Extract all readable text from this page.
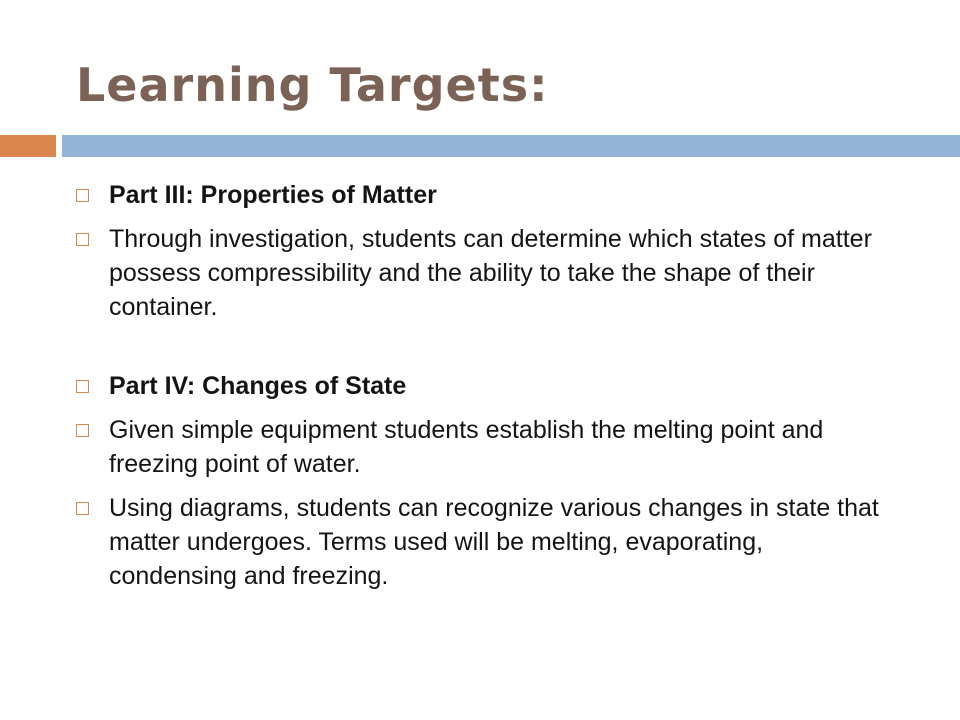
Learning Targets:
Part III: Properties of Matter
Through investigation, students can determine which states of matter possess compressibility and the ability to take the shape of their container.
Part IV: Changes of State
Given simple equipment students establish the melting point and freezing point of water.
Using diagrams, students can recognize various changes in state that matter undergoes. Terms used will be melting, evaporating, condensing and freezing.
